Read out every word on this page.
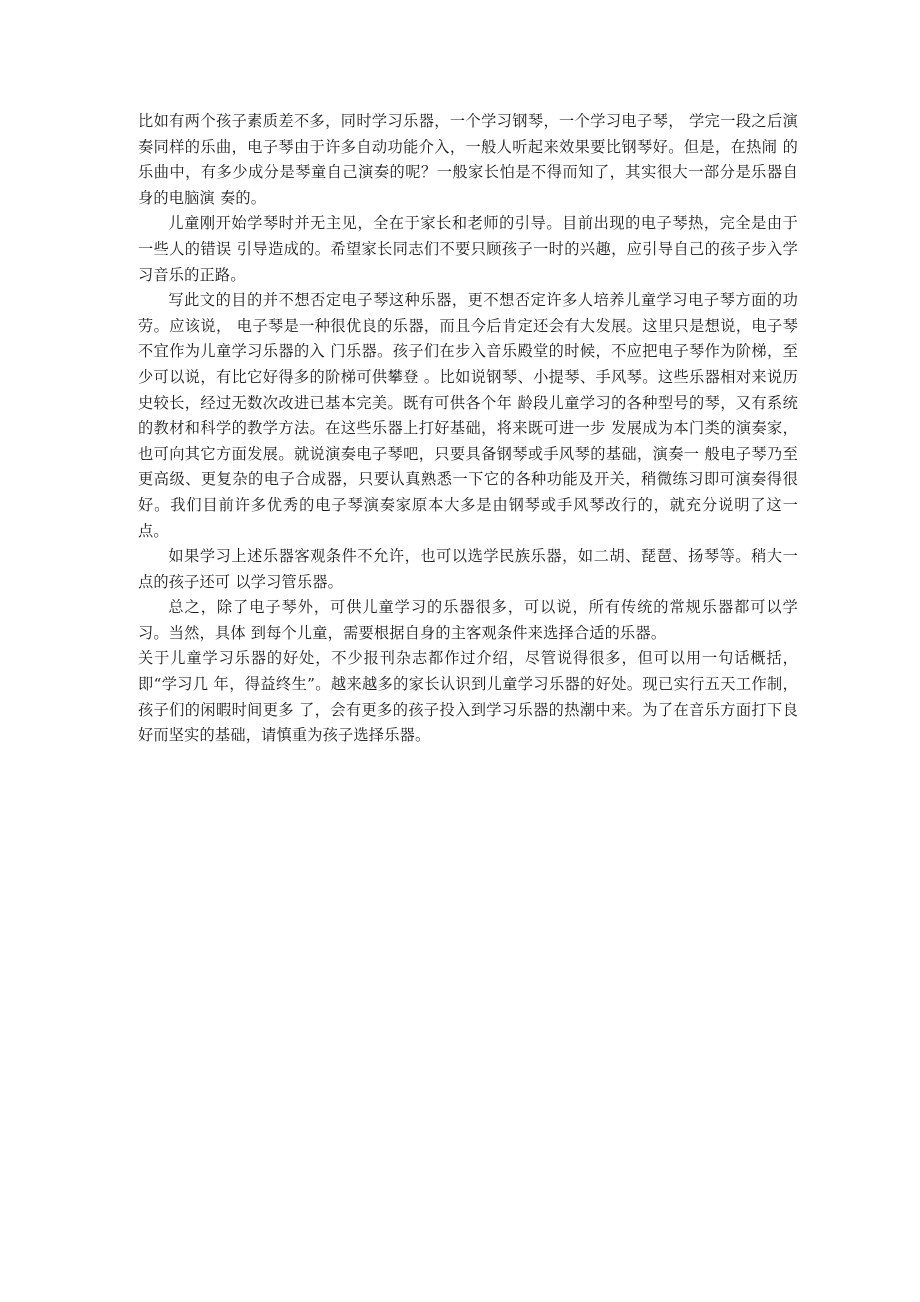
比如有两个孩子素质差不多，同时学习乐器，一个学习钢琴，一个学习电子琴， 学完一段之后演奏同样的乐曲，电子琴由于许多自动功能介入，一般人听起来效果要比钢琴好。但是，在热闹 的乐曲中，有多少成分是琴童自己演奏的呢？一般家长怕是不得而知了，其实很大一部分是乐器自身的电脑演 奏的。

儿童刚开始学琴时并无主见，全在于家长和老师的引导。目前出现的电子琴热，完全是由于一些人的错误 引导造成的。希望家长同志们不要只顾孩子一时的兴趣，应引导自己的孩子步入学习音乐的正路。

写此文的目的并不想否定电子琴这种乐器，更不想否定许多人培养儿童学习电子琴方面的功劳。应该说， 电子琴是一种很优良的乐器，而且今后肯定还会有大发展。这里只是想说，电子琴不宜作为儿童学习乐器的入 门乐器。孩子们在步入音乐殿堂的时候，不应把电子琴作为阶梯，至少可以说，有比它好得多的阶梯可供攀登 。比如说钢琴、小提琴、手风琴。这些乐器相对来说历史较长，经过无数次改进已基本完美。既有可供各个年 龄段儿童学习的各种型号的琴，又有系统的教材和科学的教学方法。在这些乐器上打好基础，将来既可进一步 发展成为本门类的演奏家，也可向其它方面发展。就说演奏电子琴吧，只要具备钢琴或手风琴的基础，演奏一 般电子琴乃至更高级、更复杂的电子合成器，只要认真熟悉一下它的各种功能及开关，稍微练习即可演奏得很 好。我们目前许多优秀的电子琴演奏家原本大多是由钢琴或手风琴改行的，就充分说明了这一点。

如果学习上述乐器客观条件不允许，也可以选学民族乐器，如二胡、琵琶、扬琴等。稍大一点的孩子还可 以学习管乐器。

总之，除了电子琴外，可供儿童学习的乐器很多，可以说，所有传统的常规乐器都可以学习。当然，具体 到每个儿童，需要根据自身的主客观条件来选择合适的乐器。

关于儿童学习乐器的好处，不少报刊杂志都作过介绍，尽管说得很多，但可以用一句话概括，即“学习几 年，得益终生”。越来越多的家长认识到儿童学习乐器的好处。现已实行五天工作制，孩子们的闲暇时间更多 了，会有更多的孩子投入到学习乐器的热潮中来。为了在音乐方面打下良好而坚实的基础，请慎重为孩子选择乐器。
